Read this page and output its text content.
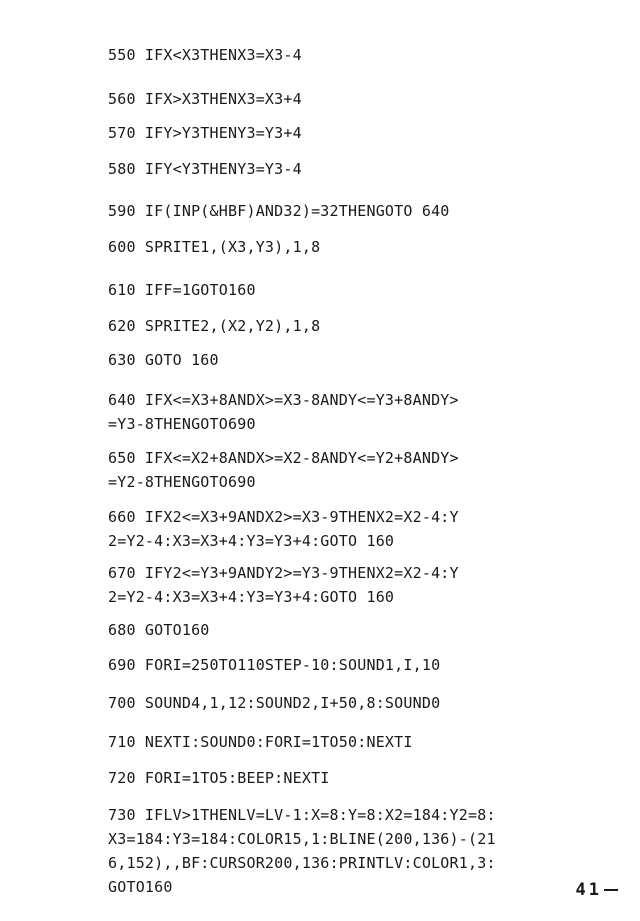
550 IFX<X3THENX3=X3-4
560 IFX>X3THENX3=X3+4
570 IFY>Y3THENY3=Y3+4
580 IFY<Y3THENY3=Y3-4
590 IF(INP(&HBF)AND32)=32THENGOTO 640
600 SPRITE1,(X3,Y3),1,8
610 IFF=1GOTO160
620 SPRITE2,(X2,Y2),1,8
630 GOTO 160
640 IFX<=X3+8ANDX>=X3-8ANDY<=Y3+8ANDY>
=Y3-8THENGOTO690
650 IFX<=X2+8ANDX>=X2-8ANDY<=Y2+8ANDY>
=Y2-8THENGOTO690
660 IFX2<=X3+9ANDX2>=X3-9THENX2=X2-4:Y
2=Y2-4:X3=X3+4:Y3=Y3+4:GOTO 160
670 IFY2<=Y3+9ANDY2>=Y3-9THENX2=X2-4:Y
2=Y2-4:X3=X3+4:Y3=Y3+4:GOTO 160
680 GOTO160
690 FORI=250TO110STEP-10:SOUND1,I,10
700 SOUND4,1,12:SOUND2,I+50,8:SOUND0
710 NEXTI:SOUND0:FORI=1TO50:NEXTI
720 FORI=1TO5:BEEP:NEXTI
730 IFLV>1THENLV=LV-1:X=8:Y=8:X2=184:Y2=8:
X3=184:Y3=184:COLOR15,1:BLINE(200,136)-(21
6,152),,BF:CURSOR200,136:PRINTLV:COLOR1,3:
GOTO160	41
